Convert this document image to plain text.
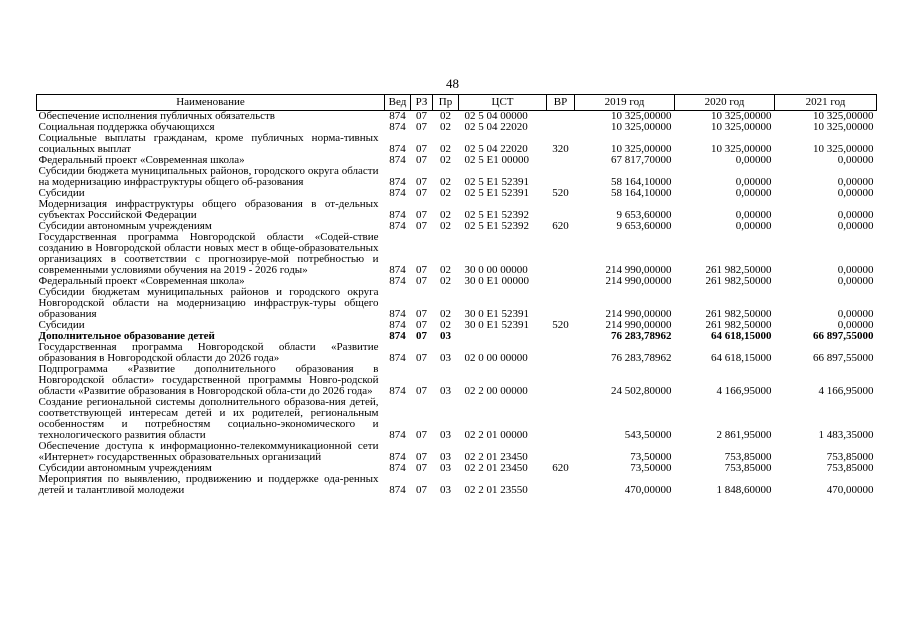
48
Наименование	Вед	РЗ	Пр	ЦСТ	ВР	2019 год	2020 год	2021 год
Обеспечение исполнения публичных обязательств	874	07	02	02 5 04 00000		10 325,00000	10 325,00000	10 325,00000
Социальная поддержка обучающихся	874	07	02	02 5 04 22020		10 325,00000	10 325,00000	10 325,00000
Социальные выплаты гражданам, кроме публичных норма-тивных социальных выплат	874	07	02	02 5 04 22020	320	10 325,00000	10 325,00000	10 325,00000
Федеральный проект «Современная школа»	874	07	02	02 5 E1 00000		67 817,70000	0,00000	0,00000
Субсидии бюджета муниципальных районов, городского округа области на модернизацию инфраструктуры общего об-разования	874	07	02	02 5 E1 52391		58 164,10000	0,00000	0,00000
Субсидии	874	07	02	02 5 E1 52391	520	58 164,10000	0,00000	0,00000
Модернизация инфраструктуры общего образования в от-дельных субъектах Российской Федерации	874	07	02	02 5 E1 52392		9 653,60000	0,00000	0,00000
Субсидии автономным учреждениям	874	07	02	02 5 E1 52392	620	9 653,60000	0,00000	0,00000
Государственная программа Новгородской области «Содей-ствие созданию в Новгородской области новых мест в обще-образовательных организациях в соответствии с прогнозируе-мой потребностью и современными условиями обучения на 2019 - 2026 годы»	874	07	02	30 0 00 00000		214 990,00000	261 982,50000	0,00000
Федеральный проект «Современная школа»	874	07	02	30 0 E1 00000		214 990,00000	261 982,50000	0,00000
Субсидии бюджетам муниципальных районов и городского округа Новгородской области на модернизацию инфраструк-туры общего образования	874	07	02	30 0 E1 52391		214 990,00000	261 982,50000	0,00000
Субсидии	874	07	02	30 0 E1 52391	520	214 990,00000	261 982,50000	0,00000
Дополнительное образование детей	874	07	03			76 283,78962	64 618,15000	66 897,55000
Государственная программа Новгородской области «Развитие образования в Новгородской области до 2026 года»	874	07	03	02 0 00 00000		76 283,78962	64 618,15000	66 897,55000
Подпрограмма «Развитие дополнительного образования в Новгородской области» государственной программы Новго-родской области «Развитие образования в Новгородской обла-сти до 2026 года»	874	07	03	02 2 00 00000		24 502,80000	4 166,95000	4 166,95000
Создание региональной системы дополнительного образова-ния детей, соответствующей интересам детей и их родителей, региональным особенностям и потребностям социально-экономического и технологического развития области	874	07	03	02 2 01 00000		543,50000	2 861,95000	1 483,35000
Обеспечение доступа к информационно-телекоммуникационной сети «Интернет» государственных образовательных организаций	874	07	03	02 2 01 23450		73,50000	753,85000	753,85000
Субсидии автономным учреждениям	874	07	03	02 2 01 23450	620	73,50000	753,85000	753,85000
Мероприятия по выявлению, продвижению и поддержке ода-ренных детей и талантливой молодежи	874	07	03	02 2 01 23550		470,00000	1 848,60000	470,00000
